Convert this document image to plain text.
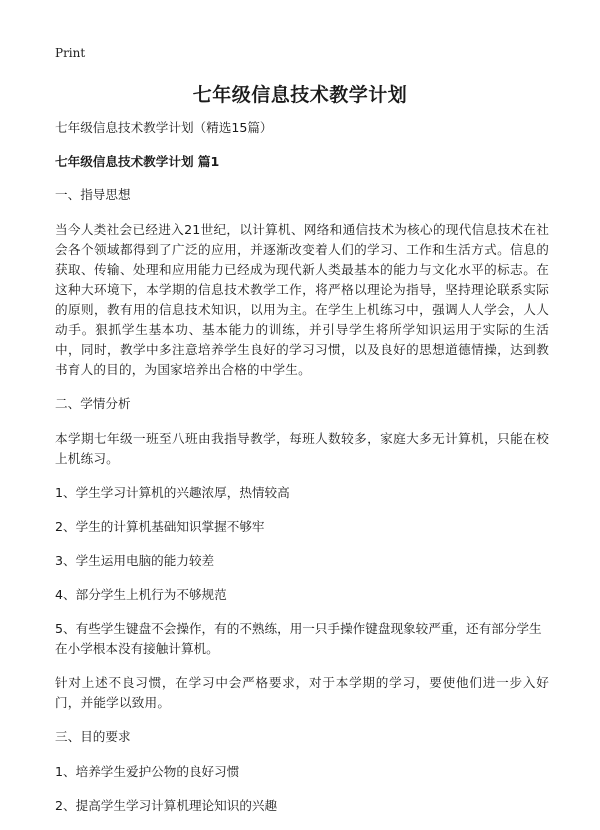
Print
七年级信息技术教学计划

七年级信息技术教学计划（精选15篇）

七年级信息技术教学计划 篇1

一、指导思想

当今人类社会已经进入21世纪，以计算机、网络和通信技术为核心的现代信息技术在社会各个领域都得到了广泛的应用，并逐渐改变着人们的学习、工作和生活方式。信息的获取、传输、处理和应用能力已经成为现代新人类最基本的能力与文化水平的标志。在这种大环境下，本学期的信息技术教学工作，将严格以理论为指导，坚持理论联系实际的原则，教有用的信息技术知识，以用为主。在学生上机练习中，强调人人学会，人人动手。狠抓学生基本功、基本能力的训练，并引导学生将所学知识运用于实际的生活中，同时，教学中多注意培养学生良好的学习习惯，以及良好的思想道德情操，达到教书育人的目的，为国家培养出合格的中学生。

二、学情分析

本学期七年级一班至八班由我指导教学，每班人数较多，家庭大多无计算机，只能在校上机练习。

1、学生学习计算机的兴趣浓厚，热情较高

2、学生的计算机基础知识掌握不够牢

3、学生运用电脑的能力较差

4、部分学生上机行为不够规范

5、有些学生键盘不会操作，有的不熟练，用一只手操作键盘现象较严重，还有部分学生在小学根本没有接触计算机。

针对上述不良习惯，在学习中会严格要求，对于本学期的学习，要使他们进一步入好门，并能学以致用。

三、目的要求

1、培养学生爱护公物的良好习惯

2、提高学生学习计算机理论知识的兴趣
